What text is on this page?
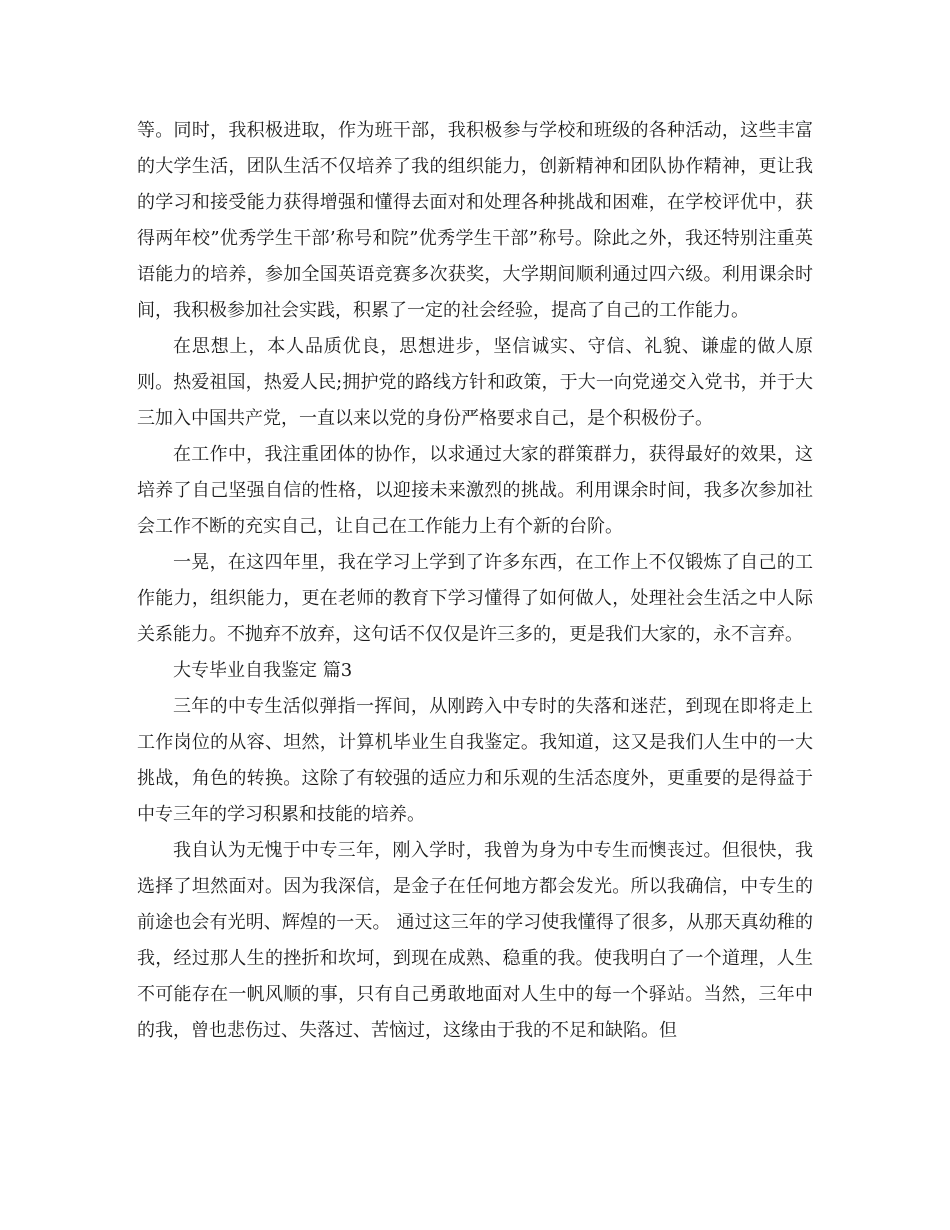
等。同时，我积极进取，作为班干部，我积极参与学校和班级的各种活动，这些丰富的大学生活，团队生活不仅培养了我的组织能力，创新精神和团队协作精神，更让我的学习和接受能力获得增强和懂得去面对和处理各种挑战和困难，在学校评优中，获得两年校”优秀学生干部’称号和院”优秀学生干部”称号。除此之外，我还特别注重英语能力的培养，参加全国英语竞赛多次获奖，大学期间顺利通过四六级。利用课余时间，我积极参加社会实践，积累了一定的社会经验，提高了自己的工作能力。

在思想上，本人品质优良，思想进步，坚信诚实、守信、礼貌、谦虚的做人原则。热爱祖国，热爱人民;拥护党的路线方针和政策，于大一向党递交入党书，并于大三加入中国共产党，一直以来以党的身份严格要求自己，是个积极份子。

在工作中，我注重团体的协作，以求通过大家的群策群力，获得最好的效果，这培养了自己坚强自信的性格，以迎接未来激烈的挑战。利用课余时间，我多次参加社会工作不断的充实自己，让自己在工作能力上有个新的台阶。

一晃，在这四年里，我在学习上学到了许多东西，在工作上不仅锻炼了自己的工作能力，组织能力，更在老师的教育下学习懂得了如何做人，处理社会生活之中人际关系能力。不抛弃不放弃，这句话不仅仅是许三多的，更是我们大家的，永不言弃。

大专毕业自我鉴定 篇3

三年的中专生活似弹指一挥间，从刚跨入中专时的失落和迷茫，到现在即将走上工作岗位的从容、坦然，计算机毕业生自我鉴定。我知道，这又是我们人生中的一大挑战，角色的转换。这除了有较强的适应力和乐观的生活态度外，更重要的是得益于中专三年的学习积累和技能的培养。

我自认为无愧于中专三年，刚入学时，我曾为身为中专生而懊丧过。但很快，我选择了坦然面对。因为我深信，是金子在任何地方都会发光。所以我确信，中专生的前途也会有光明、辉煌的一天。 通过这三年的学习使我懂得了很多，从那天真幼稚的我，经过那人生的挫折和坎坷，到现在成熟、稳重的我。使我明白了一个道理，人生不可能存在一帆风顺的事，只有自己勇敢地面对人生中的每一个驿站。当然，三年中的我，曾也悲伤过、失落过、苦恼过，这缘由于我的不足和缺陷。但
